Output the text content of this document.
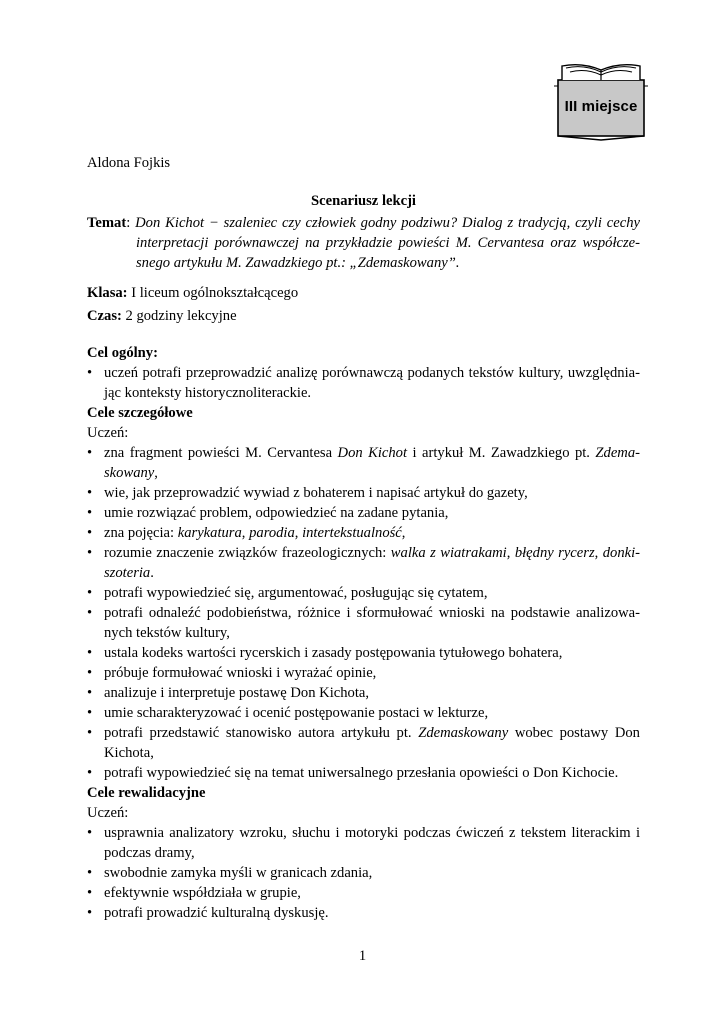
III miejsce
Aldona Fojkis
Scenariusz lekcji
Temat: Don Kichot − szaleniec czy człowiek godny podziwu? Dialog z tradycją, czyli cechy
interpretacji porównawczej na przykładzie powieści M. Cervantesa oraz współcze-
snego artykułu M. Zawadzkiego pt.: „Zdemaskowany”.
Klasa: I liceum ogólnokształcącego
Czas: 2 godziny lekcyjne
Cel ogólny:
• uczeń potrafi przeprowadzić analizę porównawczą podanych tekstów kultury, uwzględnia-
jąc konteksty historycznoliterackie.
Cele szczegółowe
Uczeń:
• zna fragment powieści M. Cervantesa Don Kichot i artykuł M. Zawadzkiego pt. Zdema-
skowany,
• wie, jak przeprowadzić wywiad z bohaterem i napisać artykuł do gazety,
• umie rozwiązać problem, odpowiedzieć na zadane pytania,
• zna pojęcia: karykatura, parodia, intertekstualność,
• rozumie znaczenie związków frazeologicznych: walka z wiatrakami, błędny rycerz, donki-
szoteria.
• potrafi wypowiedzieć się, argumentować, posługując się cytatem,
• potrafi odnaleźć podobieństwa, różnice i sformułować wnioski na podstawie analizowa-
nych tekstów kultury,
• ustala kodeks wartości rycerskich i zasady postępowania tytułowego bohatera,
• próbuje formułować wnioski i wyrażać opinie,
• analizuje i interpretuje postawę Don Kichota,
• umie scharakteryzować i ocenić postępowanie postaci w lekturze,
• potrafi przedstawić stanowisko autora artykułu pt. Zdemaskowany wobec postawy Don
Kichota,
• potrafi wypowiedzieć się na temat uniwersalnego przesłania opowieści o Don Kichocie.
Cele rewalidacyjne
Uczeń:
• usprawnia analizatory wzroku, słuchu i motoryki podczas ćwiczeń z tekstem literackim i
podczas dramy,
• swobodnie zamyka myśli w granicach zdania,
• efektywnie współdziała w grupie,
• potrafi prowadzić kulturalną dyskusję.
1
